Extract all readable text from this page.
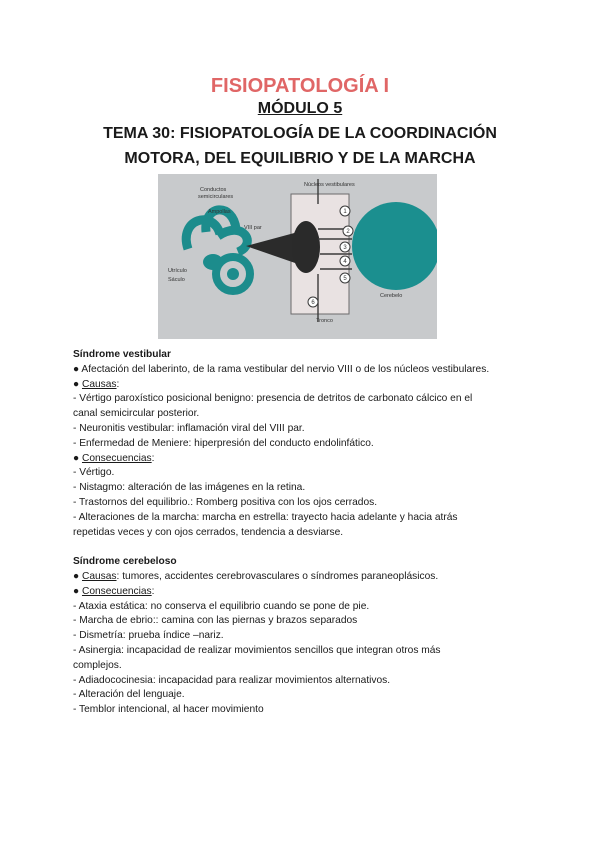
FISIOPATOLOGÍA I
MÓDULO 5
TEMA 30: FISIOPATOLOGÍA DE LA COORDINACIÓN
MOTORA, DEL EQUILIBRIO Y DE LA MARCHA
1
2
3
4
5
6
Conductos
semicirculares
Ampollas
VIII par
Núcleos vestibulares
Utrículo
Sáculo
Cerebelo
Tronco

Síndrome vestibular

● Afectación del laberinto, de la rama vestibular del nervio VIII o de los núcleos vestibulares.

● Causas:

- Vértigo paroxístico posicional benigno: presencia de detritos de carbonato cálcico en el

canal semicircular posterior.

- Neuronitis vestibular: inflamación viral del VIII par.

- Enfermedad de Meniere: hiperpresión del conducto endolinfático.

● Consecuencias:

- Vértigo.

- Nistagmo: alteración de las imágenes en la retina.

- Trastornos del equilibrio.: Romberg positiva con los ojos cerrados.

- Alteraciones de la marcha: marcha en estrella: trayecto hacia adelante y hacia atrás

repetidas veces y con ojos cerrados, tendencia a desviarse.

Síndrome cerebeloso

● Causas: tumores, accidentes cerebrovasculares o síndromes paraneoplásicos.

● Consecuencias:

- Ataxia estática: no conserva el equilibrio cuando se pone de pie.

- Marcha de ebrio:: camina con las piernas y brazos separados

- Dismetría: prueba índice –nariz.

- Asinergia: incapacidad de realizar movimientos sencillos que integran otros más

complejos.

- Adiadococinesia: incapacidad para realizar movimientos alternativos.

- Alteración del lenguaje.

- Temblor intencional, al hacer movimiento
